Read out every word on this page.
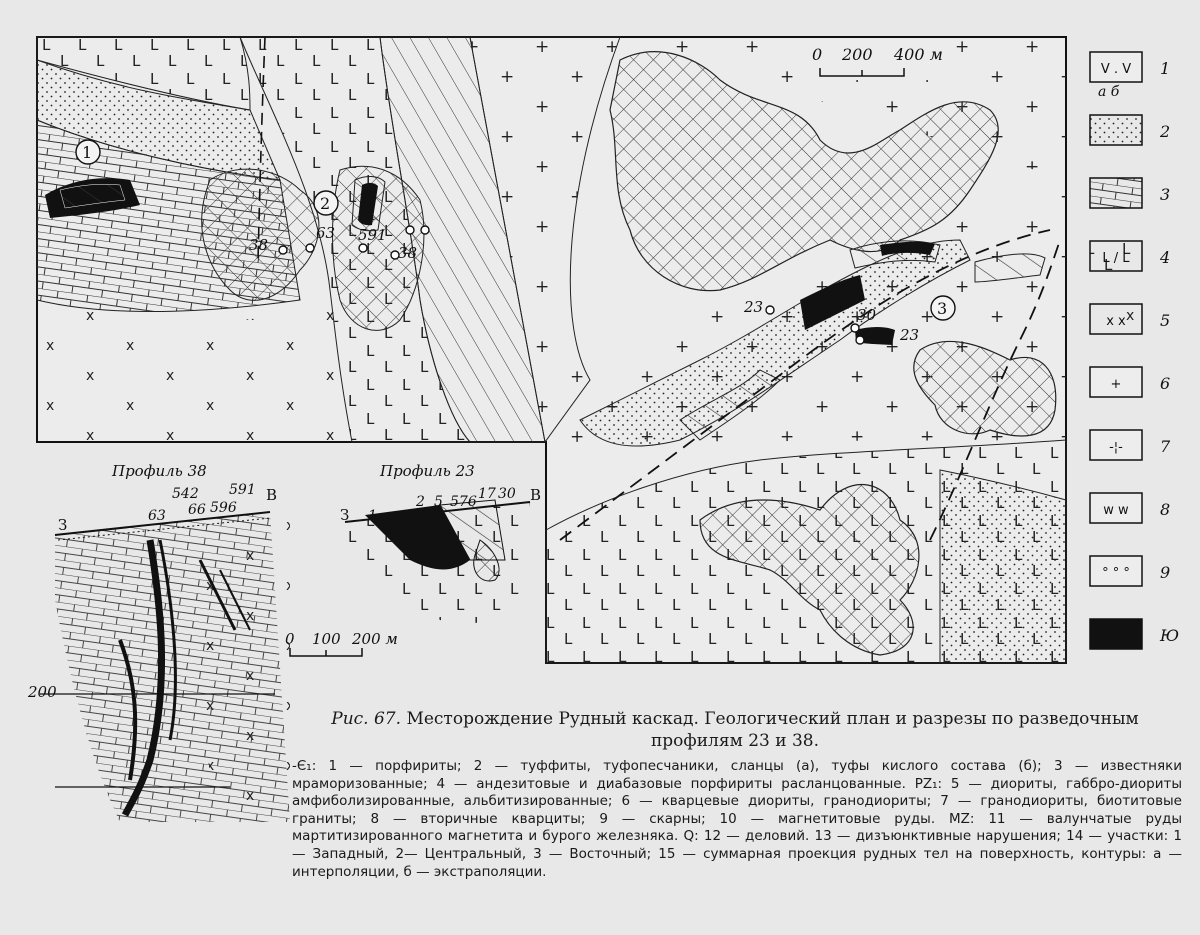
1
2
3
38
63 591
38
23	30
23
0 200 400 м
V . V 1
а б
2
3
L / L 4
x x 5
+ 6
-¦- 7
w w 8
° ° ° 9
Ю
Профиль 38
200
З
В
63
542
66 596
591
Профиль 23
З
В
1
2 5 576 17 30
0 100 200 м
Рис. 67. Месторождение Рудный каскад. Геологический план и разрезы по разведочным профилям 23 и 38.
-Є₁: 1 — порфириты; 2 — туффиты, туфопесчаники, сланцы (а), туфы кислого состава (б); 3 — известняки мраморизованные; 4 — андезитовые и диабазовые порфириты расланцованные. PZ₁: 5 — диориты, габбро-диориты амфиболизированные, альбитизированные; 6 — кварцевые диориты, гранодиориты; 7 — гранодиориты, биотитовые граниты; 8 — вторичные кварциты; 9 — скарны; 10 — магнетитовые руды. MZ: 11 — валунчатые руды мартитизированного магнетита и бурого железняка. Q: 12 — деловий. 13 — дизъюнктивные нарушения; 14 — участки: 1 — Западный, 2— Центральный, 3 — Восточный; 15 — суммарная проекция рудных тел на поверхность, контуры: а — интерполяции, б — экстраполяции.
